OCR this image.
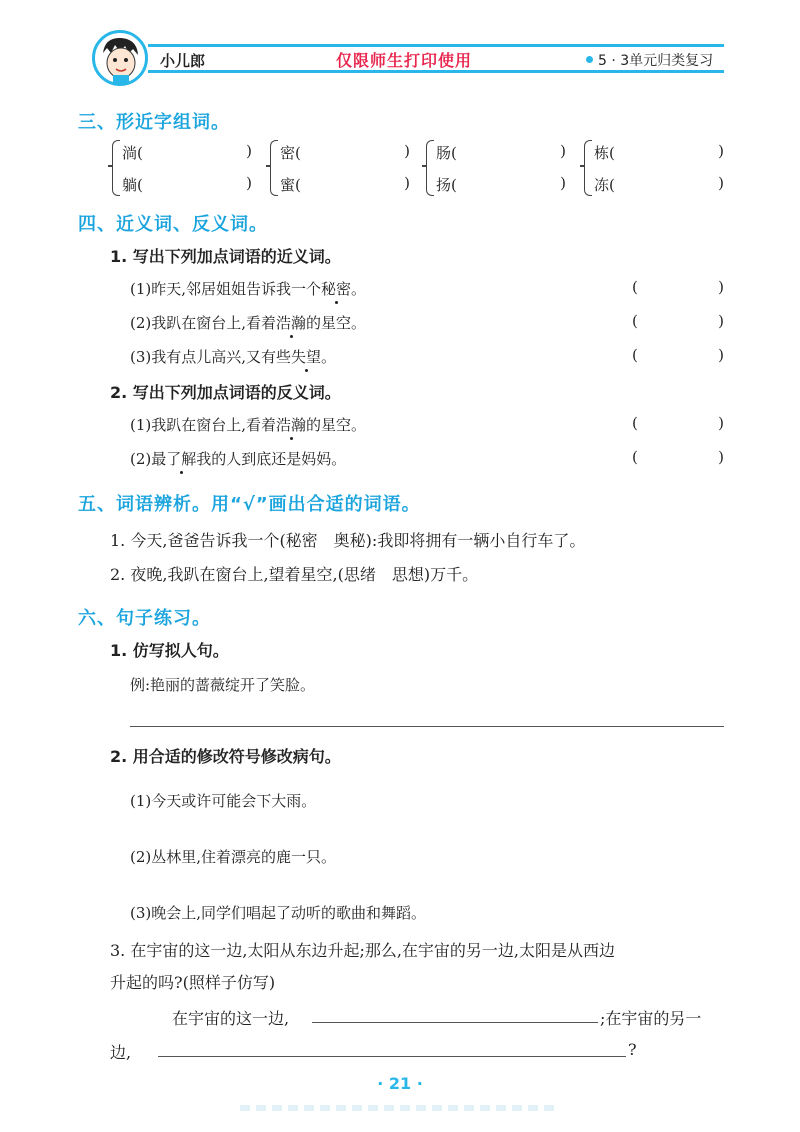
小儿郎	仅限师生打印使用	5 · 3单元归类复习
三、形近字组词。
淌(	)
躺(	)
密(	)
蜜(	)
肠(	)
扬(	)
栋(	)
冻(	)
四、近义词、反义词。
1. 写出下列加点词语的近义词。
(1)昨天,邻居姐姐告诉我一个秘密。	(	)
(2)我趴在窗台上,看着浩瀚的星空。	(	)
(3)我有点儿高兴,又有些失望。	(	)
2. 写出下列加点词语的反义词。
(1)我趴在窗台上,看着浩瀚的星空。	(	)
(2)最了解我的人到底还是妈妈。	(	)
五、词语辨析。用“√”画出合适的词语。
1. 今天,爸爸告诉我一个(秘密　奥秘):我即将拥有一辆小自行车了。
2. 夜晚,我趴在窗台上,望着星空,(思绪　思想)万千。
六、句子练习。
1. 仿写拟人句。
例:艳丽的蔷薇绽开了笑脸。
2. 用合适的修改符号修改病句。
(1)今天或许可能会下大雨。
(2)丛林里,住着漂亮的鹿一只。
(3)晚会上,同学们唱起了动听的歌曲和舞蹈。
3. 在宇宙的这一边,太阳从东边升起;那么,在宇宙的另一边,太阳是从西边
升起的吗?(照样子仿写)
在宇宙的这一边,	;在宇宙的另一
边,	?
· 21 ·
